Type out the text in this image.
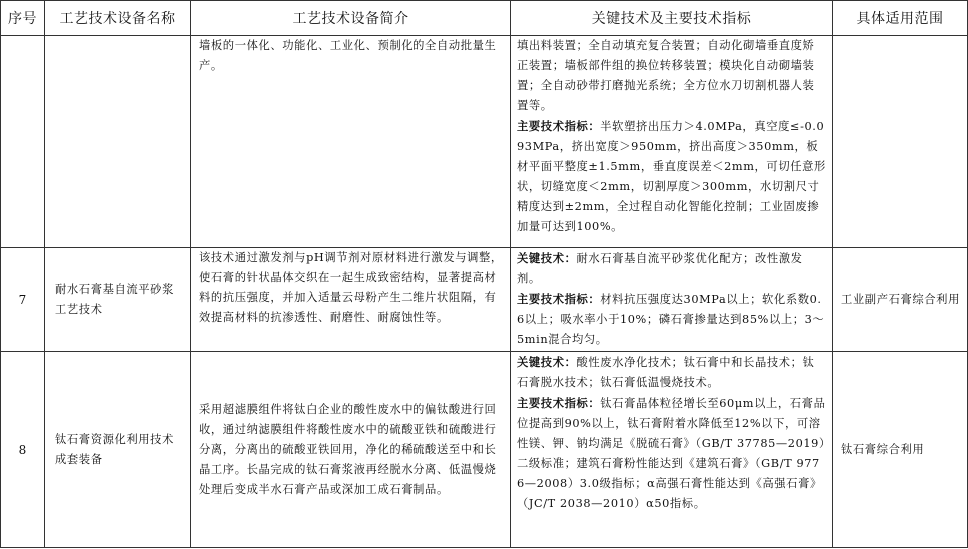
序号	工艺技术设备名称	工艺技术设备简介	关键技术及主要技术指标	具体适用范围

		墙板的一体化、功能化、工业化、预制化的全自动批量生产。	填出料装置；全自动填充复合装置；自动化砌墙垂直度矫正装置；墙板部件组的换位转移装置；模块化自动砌墙装置；全自动砂带打磨抛光系统；全方位水刀切割机器人装置等。

主要技术指标：半软塑挤出压力＞4.0MPa，真空度≤-0.093MPa，挤出宽度＞950mm，挤出高度＞350mm，板材平面平整度±1.5mm，垂直度误差＜2mm，可切任意形状，切缝宽度＜2mm，切割厚度＞300mm，水切割尺寸精度达到±2mm，全过程自动化智能化控制；工业固废掺加量可达到100%。	

7	耐水石膏基自流平砂浆工艺技术	该技术通过激发剂与pH调节剂对原材料进行激发与调整，使石膏的针状晶体交织在一起生成致密结构，显著提高材料的抗压强度，并加入适量云母粉产生二维片状阻隔，有效提高材料的抗渗透性、耐磨性、耐腐蚀性等。	关键技术：耐水石膏基自流平砂浆优化配方；改性激发剂。

主要技术指标：材料抗压强度达30MPa以上；软化系数0.6以上；吸水率小于10%；磷石膏掺量达到85%以上；3～5min混合均匀。	工业副产石膏综合利用
8	钛石膏资源化利用技术成套装备	采用超滤膜组件将钛白企业的酸性废水中的偏钛酸进行回收，通过纳滤膜组件将酸性废水中的硫酸亚铁和硫酸进行分离，分离出的硫酸亚铁回用，净化的稀硫酸送至中和长晶工序。长晶完成的钛石膏浆液再经脱水分离、低温慢烧处理后变成半水石膏产品或深加工成石膏制品。	关键技术：酸性废水净化技术；钛石膏中和长晶技术；钛石膏脱水技术；钛石膏低温慢烧技术。

主要技术指标：钛石膏晶体粒径增长至60μm以上，石膏品位提高到90%以上，钛石膏附着水降低至12%以下，可溶性镁、钾、钠均满足《脱硫石膏》（GB/T 37785—2019）二级标准；建筑石膏粉性能达到《建筑石膏》（GB/T 9776—2008）3.0级指标；α高强石膏性能达到《高强石膏》（JC/T 2038—2010）α50指标。	钛石膏综合利用
